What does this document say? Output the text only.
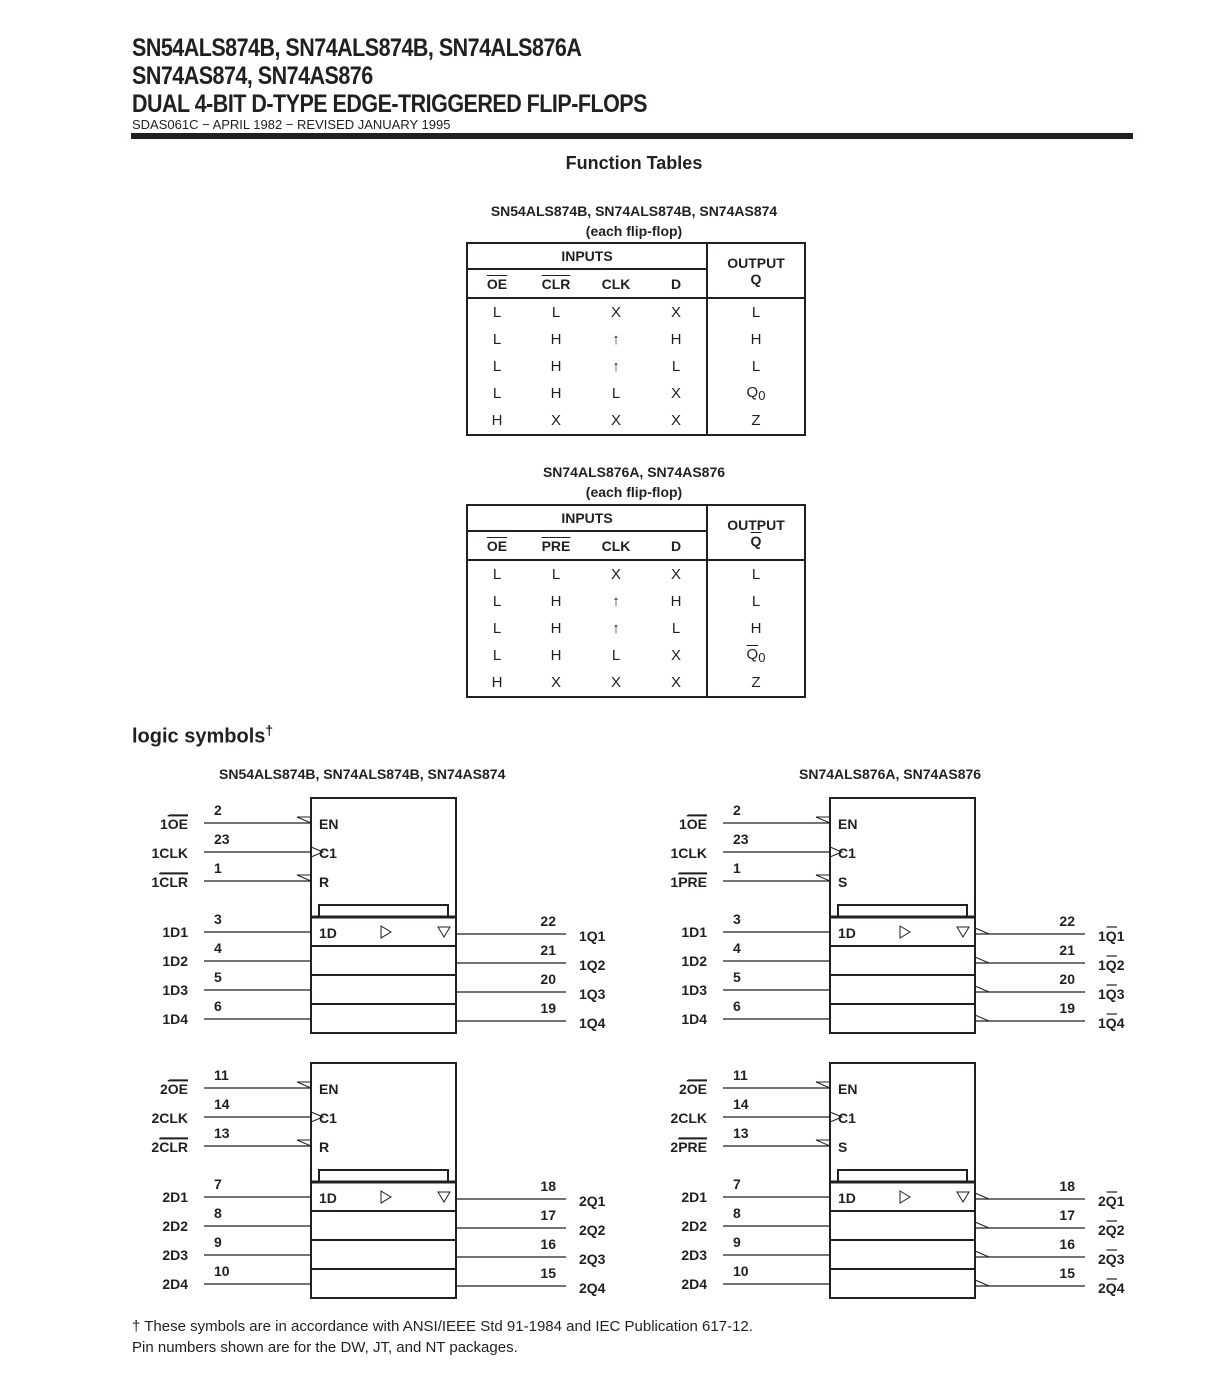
SN54ALS874B, SN74ALS874B, SN74ALS876A
SN74AS874, SN74AS876
DUAL 4-BIT D-TYPE EDGE-TRIGGERED FLIP-FLOPS
SDAS061C − APRIL 1982 − REVISED JANUARY 1995
Function Tables
SN54ALS874B, SN74ALS874B, SN74AS874
(each flip-flop)
INPUTS				OUTPUT
Q

$\overline{OE}$	$\overline{CLR}$	CLK	D	
L	L	X	X	L
L	H	↑	H	H
L	H	↑	L	L
L	H	L	X	Q0
H	X	X	X	Z
SN74ALS876A, SN74AS876
(each flip-flop)
INPUTS				OUTPUT
$\overline{Q}$

$\overline{OE}$	$\overline{PRE}$	CLK	D	
L	L	X	X	L
L	H	↑	H	L
L	H	↑	L	H
L	H	L	X	$\overline{Q}0$
H	X	X	X	Z
logic symbols†
SN54ALS874B, SN74ALS874B, SN74AS874	SN74ALS876A, SN74AS876
2
1OE	EN
23
1CLK	C1
1
1CLR	R
3
1D1
4
1D2
5
1D3
6
1D4
1D
22
1Q1
21
1Q2
20
1Q3
19
1Q4
2
1OE	EN
23
1CLK	C1
1
1PRE	S
3
1D1
4
1D2
5
1D3
6
1D4
1D
22
1Q1
21
1Q2
20
1Q3
19
1Q4
11
2OE	EN
14
2CLK	C1
13
2CLR	R
7
2D1
8
2D2
9
2D3
10
2D4
1D
18
2Q1
17
2Q2
16
2Q3
15
2Q4
11
2OE	EN
14
2CLK	C1
13
2PRE	S
7
2D1
8
2D2
9
2D3
10
2D4
1D
18
2Q1
17
2Q2
16
2Q3
15
2Q4
† These symbols are in accordance with ANSI/IEEE Std 91-1984 and IEC Publication 617-12.
Pin numbers shown are for the DW, JT, and NT packages.
